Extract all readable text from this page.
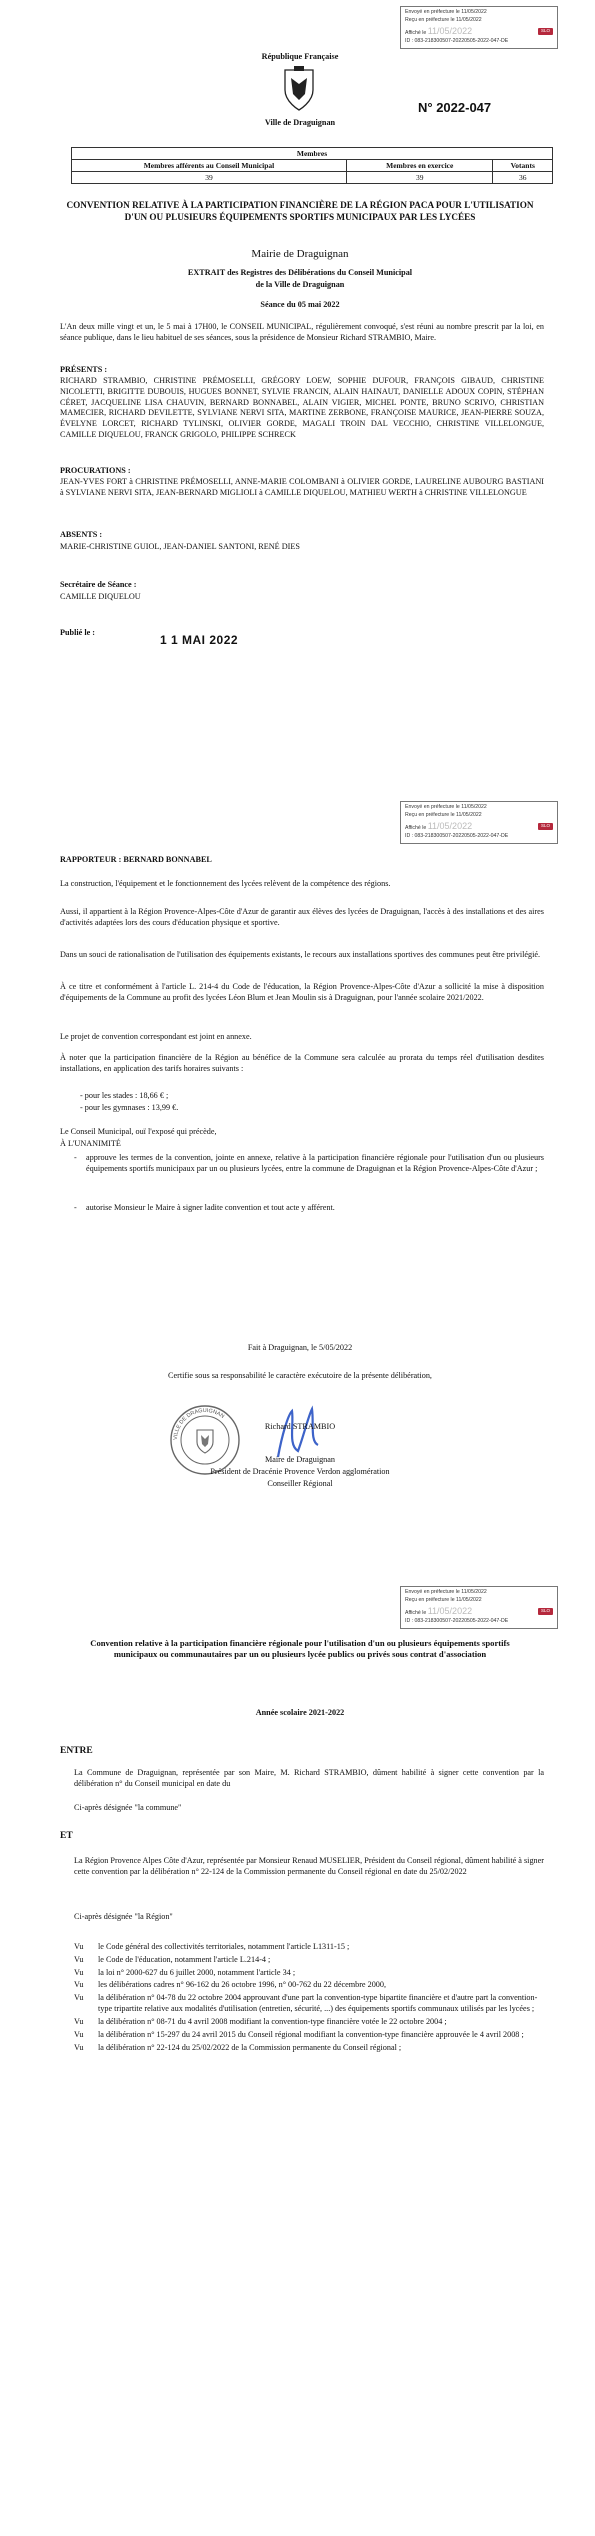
Envoyé en préfecture le 11/05/2022
Reçu en préfecture le 11/05/2022
Affiché le 11/05/2022	SLO
ID : 083-218300507-20220505-2022-047-DE
République Française
Ville de Draguignan
N° 2022-047
Membres		
Membres afférents au Conseil Municipal	Membres en exercice	Votants
39	39	36
CONVENTION RELATIVE À LA PARTICIPATION FINANCIÈRE DE LA RÉGION PACA POUR L'UTILISATION D'UN OU PLUSIEURS ÉQUIPEMENTS SPORTIFS MUNICIPAUX PAR LES LYCÉES
Mairie de Draguignan
EXTRAIT des Registres des Délibérations du Conseil Municipal
de la Ville de Draguignan
Séance du 05 mai 2022
L'An deux mille vingt et un, le 5 mai à 17H00, le CONSEIL MUNICIPAL, régulièrement convoqué, s'est réuni au nombre prescrit par la loi, en séance publique, dans le lieu habituel de ses séances, sous la présidence de Monsieur Richard STRAMBIO, Maire.
PRÉSENTS :
RICHARD STRAMBIO, CHRISTINE PRÉMOSELLI, GRÉGORY LOEW, SOPHIE DUFOUR, FRANÇOIS GIBAUD, CHRISTINE NICOLETTI, BRIGITTE DUBOUIS, HUGUES BONNET, SYLVIE FRANCIN, ALAIN HAINAUT, DANIELLE ADOUX COPIN, STÉPHAN CÉRET, JACQUELINE LISA CHAUVIN, BERNARD BONNABEL, ALAIN VIGIER, MICHEL PONTE, BRUNO SCRIVO, CHRISTIAN MAMECIER, RICHARD DEVILETTE, SYLVIANE NERVI SITA, MARTINE ZERBONE, FRANÇOISE MAURICE, JEAN-PIERRE SOUZA, ÉVELYNE LORCET, RICHARD TYLINSKI, OLIVIER GORDE, MAGALI TROIN DAL VECCHIO, CHRISTINE VILLELONGUE, CAMILLE DIQUELOU, FRANCK GRIGOLO, PHILIPPE SCHRECK
PROCURATIONS :
JEAN-YVES FORT à CHRISTINE PRÉMOSELLI, ANNE-MARIE COLOMBANI à OLIVIER GORDE, LAURELINE AUBOURG BASTIANI à SYLVIANE NERVI SITA, JEAN-BERNARD MIGLIOLI à CAMILLE DIQUELOU, MATHIEU WERTH à CHRISTINE VILLELONGUE
ABSENTS :
MARIE-CHRISTINE GUIOL, JEAN-DANIEL SANTONI, RENÉ DIES
Secrétaire de Séance :
CAMILLE DIQUELOU
Publié le :
1 1 MAI 2022
Envoyé en préfecture le 11/05/2022
Reçu en préfecture le 11/05/2022
Affiché le 11/05/2022	SLO
ID : 083-218300507-20220505-2022-047-DE
RAPPORTEUR : BERNARD BONNABEL
La construction, l'équipement et le fonctionnement des lycées relèvent de la compétence des régions.
Aussi, il appartient à la Région Provence-Alpes-Côte d'Azur de garantir aux élèves des lycées de Draguignan, l'accès à des installations et des aires d'activités adaptées lors des cours d'éducation physique et sportive.
Dans un souci de rationalisation de l'utilisation des équipements existants, le recours aux installations sportives des communes peut être privilégié.
À ce titre et conformément à l'article L. 214-4 du Code de l'éducation, la Région Provence-Alpes-Côte d'Azur a sollicité la mise à disposition d'équipements de la Commune au profit des lycées Léon Blum et Jean Moulin sis à Draguignan, pour l'année scolaire 2021/2022.
Le projet de convention correspondant est joint en annexe.
À noter que la participation financière de la Région au bénéfice de la Commune sera calculée au prorata du temps réel d'utilisation desdites installations, en application des tarifs horaires suivants :
- pour les stades : 18,66 € ;
- pour les gymnases : 13,99 €.
Le Conseil Municipal, ouï l'exposé qui précède,
À L'UNANIMITÉ
-	approuve les termes de la convention, jointe en annexe, relative à la participation financière régionale pour l'utilisation d'un ou plusieurs équipements sportifs municipaux par un ou plusieurs lycées, entre la commune de Draguignan et la Région Provence-Alpes-Côte d'Azur ;
-	autorise Monsieur le Maire à signer ladite convention et tout acte y afférent.
Fait à Draguignan, le 5/05/2022
Certifie sous sa responsabilité le caractère exécutoire de la présente délibération,
VILLE DE DRAGUIGNAN
Richard STRAMBIO
Maire de Draguignan
Président de Dracénie Provence Verdon agglomération
Conseiller Régional
Envoyé en préfecture le 11/05/2022
Reçu en préfecture le 11/05/2022
Affiché le 11/05/2022	SLO
ID : 083-218300507-20220505-2022-047-DE
Convention relative à la participation financière régionale pour l'utilisation d'un ou plusieurs équipements sportifs municipaux ou communautaires par un ou plusieurs lycée publics ou privés sous contrat d'association
Année scolaire 2021-2022
ENTRE
La Commune de Draguignan, représentée par son Maire, M. Richard STRAMBIO, dûment habilité à signer cette convention par la délibération n° du Conseil municipal en date du
Ci-après désignée "la commune"
ET
La Région Provence Alpes Côte d'Azur, représentée par Monsieur Renaud MUSELIER, Président du Conseil régional, dûment habilité à signer cette convention par la délibération n° 22-124 de la Commission permanente du Conseil régional en date du 25/02/2022
Ci-après désignée "la Région"
Vu	le Code général des collectivités territoriales, notamment l'article L1311-15 ;
Vu	le Code de l'éducation, notamment l'article L.214-4 ;
Vu	la loi n° 2000-627 du 6 juillet 2000, notamment l'article 34 ;
Vu	les délibérations cadres n° 96-162 du 26 octobre 1996, n° 00-762 du 22 décembre 2000,
Vu	la délibération n° 04-78 du 22 octobre 2004 approuvant d'une part la convention-type bipartite financière et d'autre part la convention-type tripartite relative aux modalités d'utilisation (entretien, sécurité, ...) des équipements sportifs communaux utilisés par les lycées ;
Vu	la délibération n° 08-71 du 4 avril 2008 modifiant la convention-type financière votée le 22 octobre 2004 ;
Vu	la délibération n° 15-297 du 24 avril 2015 du Conseil régional modifiant la convention-type financière approuvée le 4 avril 2008 ;
Vu	la délibération n° 22-124 du 25/02/2022 de la Commission permanente du Conseil régional ;
